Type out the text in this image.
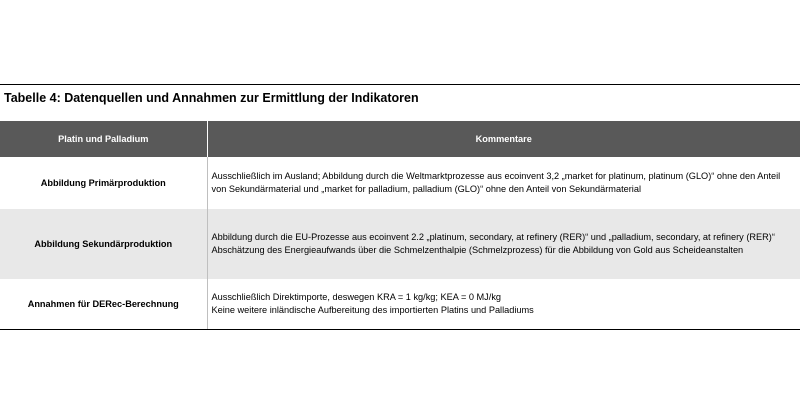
Tabelle 4: Datenquellen und Annahmen zur Ermittlung der Indikatoren
Platin und Palladium	Kommentare
Abbildung Primärproduktion	Ausschließlich im Ausland; Abbildung durch die Weltmarktprozesse aus ecoinvent 3,2 „market for platinum, platinum (GLO)“ ohne den Anteil von Sekundärmaterial und „market for palladium, palladium (GLO)“ ohne den Anteil von Sekundärmaterial

Abbildung Sekundärproduktion	Abbildung durch die EU-Prozesse aus ecoinvent 2.2 „platinum, secondary, at refinery (RER)“ und „palladium, secondary, at refinery (RER)“
Abschätzung des Energieaufwands über die Schmelzenthalpie (Schmelzprozess) für die Abbildung von Gold aus Scheideanstalten

Annahmen für DERec-Berechnung	Ausschließlich Direktimporte, deswegen KRA = 1 kg/kg; KEA = 0 MJ/kg
Keine weitere inländische Aufbereitung des importierten Platins und Palladiums
